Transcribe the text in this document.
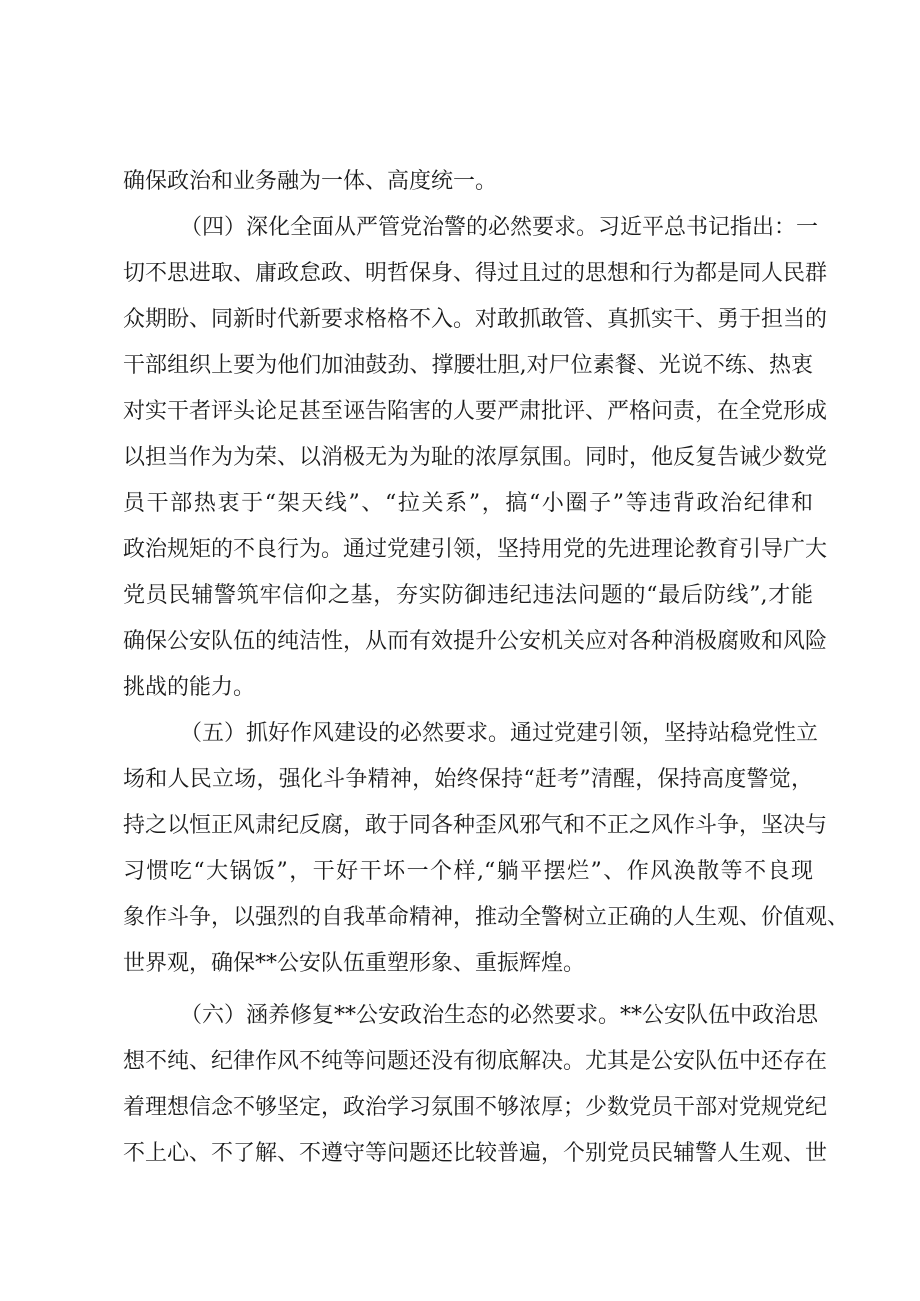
确保政治和业务融为一体、高度统一。
（四）深化全面从严管党治警的必然要求。习近平总书记指出：一
切不思进取、庸政怠政、明哲保身、得过且过的思想和行为都是同人民群
众期盼、同新时代新要求格格不入。对敢抓敢管、真抓实干、勇于担当的
干部组织上要为他们加油鼓劲、撑腰壮胆,对尸位素餐、光说不练、热衷
对实干者评头论足甚至诬告陷害的人要严肃批评、严格问责，在全党形成
以担当作为为荣、以消极无为为耻的浓厚氛围。同时，他反复告诫少数党
员干部热衷于“架天线”、“拉关系”，搞“小圈子”等违背政治纪律和
政治规矩的不良行为。通过党建引领，坚持用党的先进理论教育引导广大
党员民辅警筑牢信仰之基，夯实防御违纪违法问题的“最后防线”,才能
确保公安队伍的纯洁性，从而有效提升公安机关应对各种消极腐败和风险
挑战的能力。
（五）抓好作风建设的必然要求。通过党建引领，坚持站稳党性立
场和人民立场，强化斗争精神，始终保持“赶考”清醒，保持高度警觉，
持之以恒正风肃纪反腐，敢于同各种歪风邪气和不正之风作斗争，坚决与
习惯吃“大锅饭”，干好干坏一个样,“躺平摆烂”、作风涣散等不良现
象作斗争，以强烈的自我革命精神，推动全警树立正确的人生观、价值观、
世界观，确保**公安队伍重塑形象、重振辉煌。
（六）涵养修复**公安政治生态的必然要求。**公安队伍中政治思
想不纯、纪律作风不纯等问题还没有彻底解决。尤其是公安队伍中还存在
着理想信念不够坚定，政治学习氛围不够浓厚；少数党员干部对党规党纪
不上心、不了解、不遵守等问题还比较普遍，个别党员民辅警人生观、世
